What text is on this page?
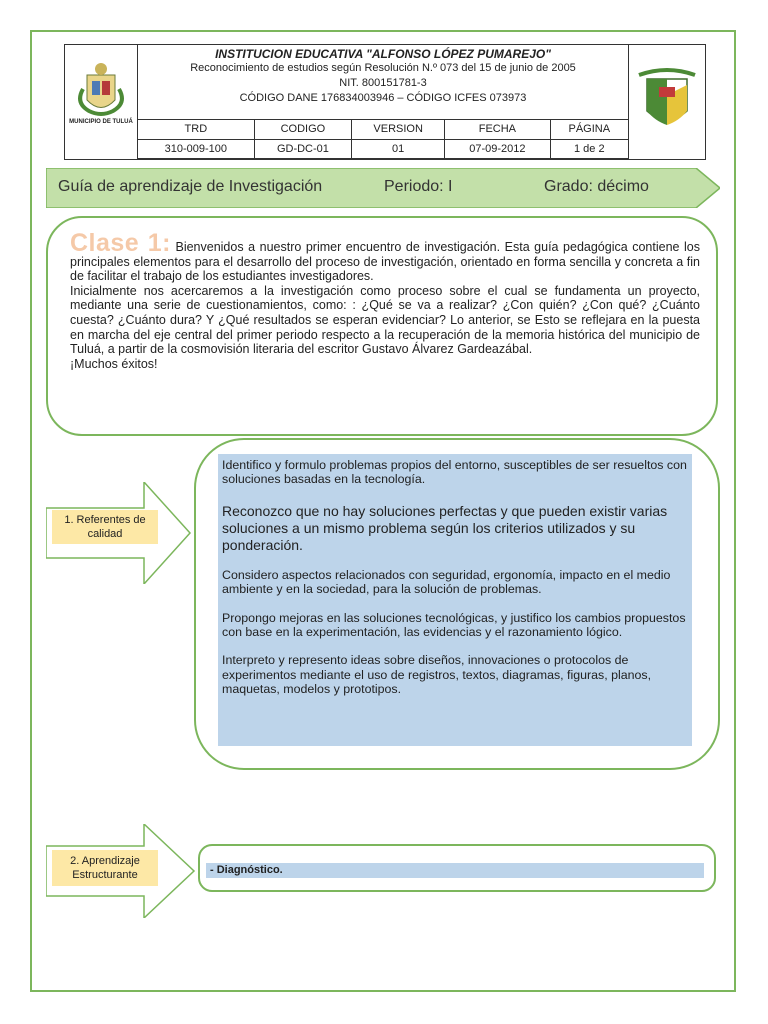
MUNICIPIO DE TULUÁ
INSTITUCION EDUCATIVA "ALFONSO LÓPEZ PUMAREJO"
Reconocimiento de estudios según Resolución N.º 073 del 15 de junio de 2005
NIT. 800151781-3
CÓDIGO DANE 176834003946 – CÓDIGO ICFES 073973
TRD	CODIGO	VERSION	FECHA	PÁGINA
310-009-100	GD-DC-01	01	07-09-2012	1 de 2
Guía de aprendizaje de Investigación	Periodo: I	Grado: décimo
Clase 1: Bienvenidos a nuestro primer encuentro de investigación. Esta guía pedagógica contiene los principales elementos para el desarrollo del proceso de investigación, orientado en forma sencilla y concreta a fin de facilitar el trabajo de los estudiantes investigadores.
Inicialmente nos acercaremos a la investigación como proceso sobre el cual se fundamenta un proyecto, mediante una serie de cuestionamientos, como: : ¿Qué se va a realizar? ¿Con quién? ¿Con qué? ¿Cuánto cuesta? ¿Cuánto dura? Y ¿Qué resultados se esperan evidenciar? Lo anterior, se Esto se reflejara en la puesta en marcha del eje central del primer periodo respecto a la recuperación de la memoria histórica del municipio de Tuluá, a partir de la cosmovisión literaria del escritor Gustavo Álvarez Gardeazábal.
¡Muchos éxitos!
1. Referentes de calidad

Identifico y formulo problemas propios del entorno, susceptibles de ser resueltos con soluciones basadas en la tecnología.

Reconozco que no hay soluciones perfectas y que pueden existir varias soluciones a un mismo problema según los criterios utilizados y su ponderación.

Considero aspectos relacionados con seguridad, ergonomía, impacto en el medio ambiente y en la sociedad, para la solución de problemas.

Propongo mejoras en las soluciones tecnológicas, y justifico los cambios propuestos con base en la experimentación, las evidencias y el razonamiento lógico.

Interpreto y represento ideas sobre diseños, innovaciones o protocolos de experimentos mediante el uso de registros, textos, diagramas, figuras, planos, maquetas, modelos y prototipos.

2. Aprendizaje Estructurante	- Diagnóstico.
